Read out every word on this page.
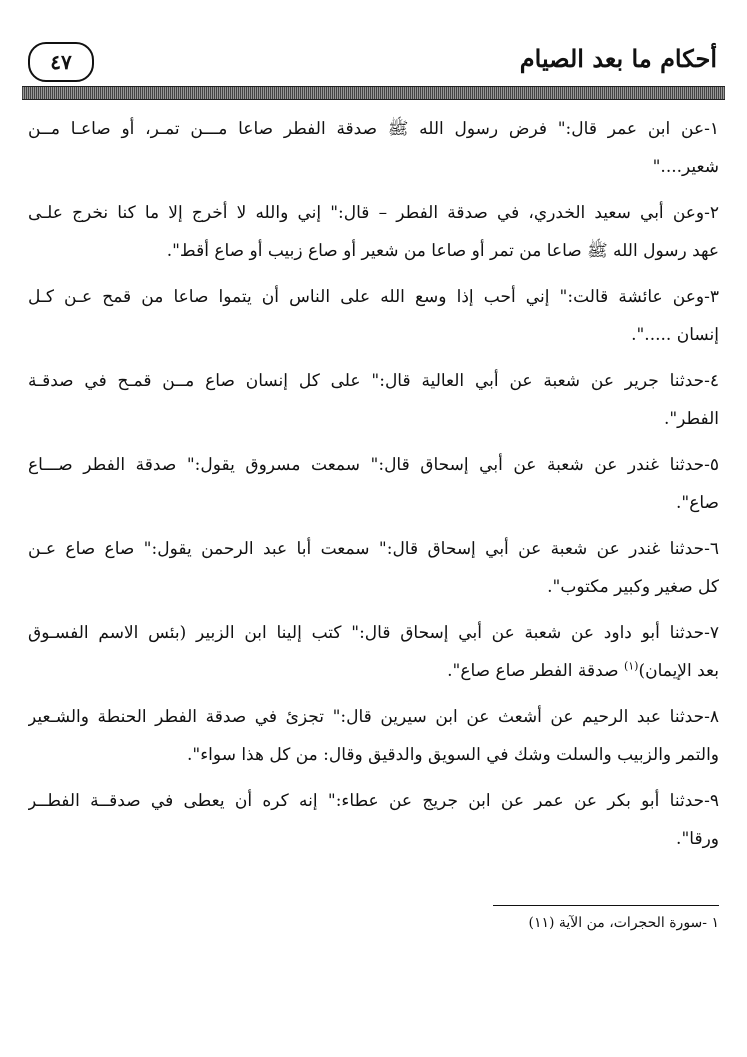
٤٧	أحكام ما بعد الصيام
١-عن ابن عمر قال:" فرض رسول الله ﷺ صدقة الفطر صاعا مـــن تمـر، أو صاعـا مــن
شعير...."
٢-وعن أبي سعيد الخدري، في صدقة الفطر – قال:" إني والله لا أخرج إلا ما كنا نخرج علـى
عهد رسول الله ﷺ صاعا من تمر أو صاعا من شعير أو صاع زبيب أو صاع أقط".
٣-وعن عائشة قالت:" إني أحب إذا وسع الله على الناس أن يتموا صاعا من قمح عـن كـل
إنسان .....".
٤-حدثنا جرير عن شعبة عن أبي العالية قال:" على كل إنسان صاع مــن قمـح في صدقـة
الفطر".
٥-حدثنا غندر عن شعبة عن أبي إسحاق قال:" سمعت مسروق يقول:" صدقة الفطر صـــاع
صاع".
٦-حدثنا غندر عن شعبة عن أبي إسحاق قال:" سمعت أبا عبد الرحمن يقول:" صاع صاع عـن
كل صغير وكبير مكتوب".
٧-حدثنا أبو داود عن شعبة عن أبي إسحاق قال:" كتب إلينا ابن الزبير (بئس الاسم الفسـوق
بعد الإيمان)$^{(١)}$ صدقة الفطر صاع صاع".
٨-حدثنا عبد الرحيم عن أشعث عن ابن سيرين قال:" تجزئ في صدقة الفطر الحنطة والشـعير
والتمر والزبيب والسلت وشك في السويق والدقيق وقال: من كل هذا سواء".
٩-حدثنا أبو بكر عن عمر عن ابن جريج عن عطاء:" إنه كره أن يعطى في صدقــة الفطــر
ورقا".
١ -سورة الحجرات، من الآية (١١)
